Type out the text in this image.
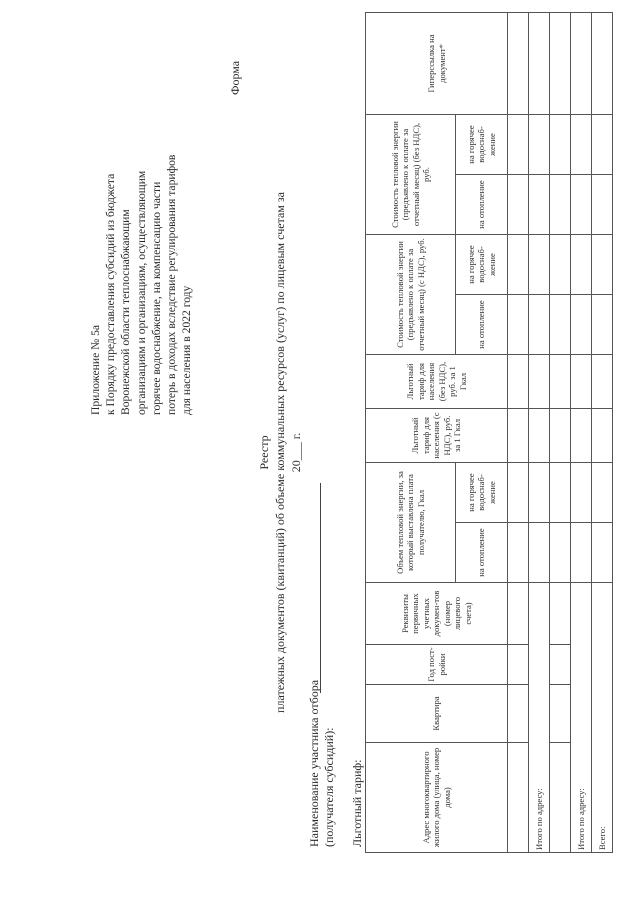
Приложение № 5а к Порядку предоставления субсидий из бюджета Воронежской области теплоснабжающим организациям и организациям, осуществляющим горячее водоснабжение, на компенсацию части потерь в доходах вследствие регулирования тарифов для населения в 2022 году
Форма
Реестр платежных документов (квитанций) об объеме коммунальных ресурсов (услуг) по лицевым счетам за 20___ г.
Наименование участника отбора (получателя субсидий): Льготный тариф:	Адрес многоквартирного жилого дома (улица, номер дома)	Квартира	Год пост-ройки	Реквизиты первичных учетных докумен-тов (номер лицевого счета)	Объем тепловой энергии, за который выставлена плата получателю, Гкал		Льготный тариф для населения (с НДС), руб. за 1 Гкал	Льготный тариф для населения (без НДС), руб. за 1 Гкал	Стоимость тепловой энергии (предъявлено к оплате за отчетный месяц) (с НДС), руб.		Стоимость тепловой энергии (предъявлено к оплате за отчетный месяц) (без НДС), руб.		Гиперссылка на документ*
				на отопление	на горячее водоснаб-жение			на отопление	на горячее водоснаб-жение	на отопление	на горячее водоснаб-жение	

Итого по адресу:												

Итого по адресу:												
Всего:												
